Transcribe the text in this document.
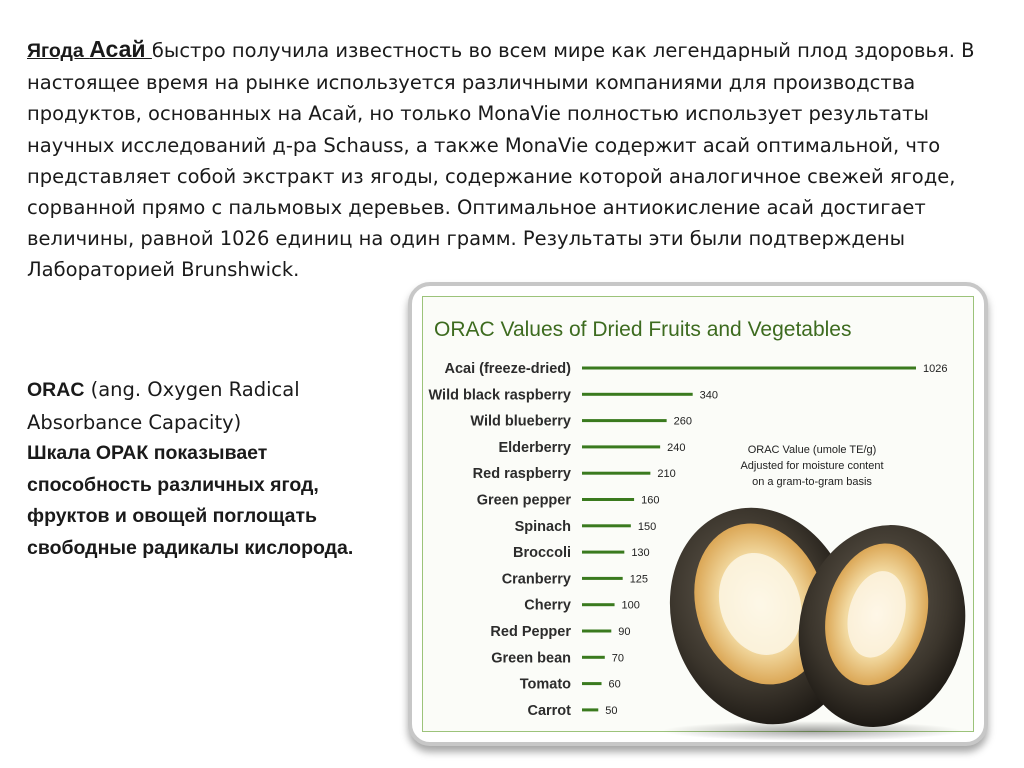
Ягода Асай быстро получила известность во всем мире как легендарный плод здоровья. В настоящее время на рынке используется различными компаниями для производства продуктов, основанных на Асай, но только MonaVie полностью использует результаты научных исследований д-ра Schauss, а также MonaVie содержит асай оптимальной, что представляет собой экстракт из ягоды, содержание которой аналогичное свежей ягоде, сорванной прямо с пальмовых деревьев. Оптимальное антиокисление асай достигает величины, равной 1026 единиц на один грамм. Результаты эти были подтверждены Лабораторией Brunshwick.

ORAC (ang. Oxygen Radical Absorbance Capacity)
Шкала ОРАК показывает способность различных ягод, фруктов и овощей поглощать свободные радикалы кислорода.
ORAC Values of Dried Fruits and Vegetables
Acai (freeze-dried)	1026
Wild black raspberry	340
Wild blueberry	260
Elderberry	240
Red raspberry	210
Green pepper	160
Spinach	150
Broccoli	130
Cranberry	125
Cherry	100
Red Pepper	90
Green bean	70
Tomato	60
Carrot	50
ORAC Value (umole TE/g)
Adjusted for moisture content
on a gram-to-gram basis
